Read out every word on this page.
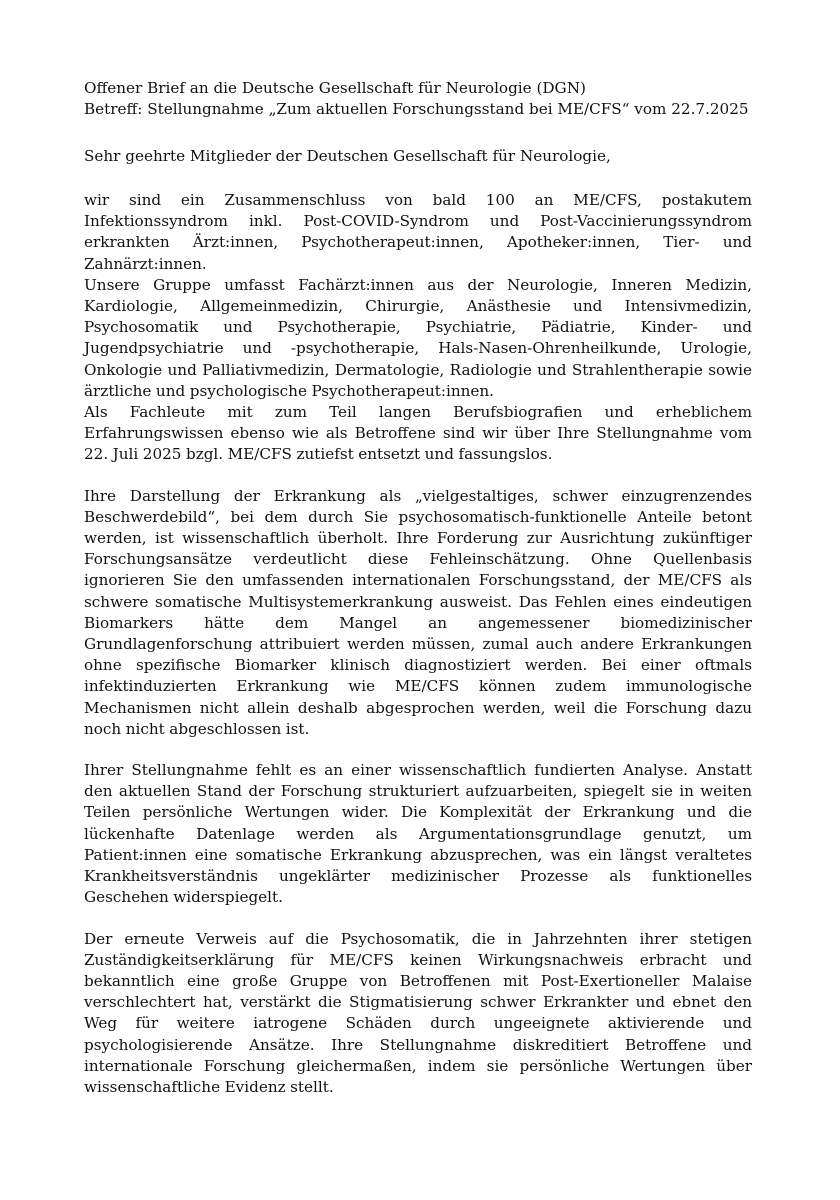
Offener Brief an die Deutsche Gesellschaft für Neurologie (DGN)
Betreff: Stellungnahme „Zum aktuellen Forschungsstand bei ME/CFS“ vom 22.7.2025
Sehr geehrte Mitglieder der Deutschen Gesellschaft für Neurologie,

wir sind ein Zusammenschluss von bald 100 an ME/CFS, postakutem Infektionssyndrom inkl. Post-COVID-Syndrom und Post-Vaccinierungssyndrom erkrankten Ärzt:innen, Psychotherapeut:innen, Apotheker:innen, Tier- und Zahnärzt:innen.

Unsere Gruppe umfasst Fachärzt:innen aus der Neurologie, Inneren Medizin, Kardiologie, Allgemeinmedizin, Chirurgie, Anästhesie und Intensivmedizin, Psychosomatik und Psychotherapie, Psychiatrie, Pädiatrie, Kinder- und Jugendpsychiatrie und -psychotherapie, Hals-Nasen-Ohrenheilkunde, Urologie, Onkologie und Palliativmedizin, Dermatologie, Radiologie und Strahlentherapie sowie ärztliche und psychologische Psychotherapeut:innen.

Als Fachleute mit zum Teil langen Berufsbiografien und erheblichem Erfahrungswissen ebenso wie als Betroffene sind wir über Ihre Stellungnahme vom 22. Juli 2025 bzgl. ME/CFS zutiefst entsetzt und fassungslos.

Ihre Darstellung der Erkrankung als „vielgestaltiges, schwer einzugrenzendes Beschwerdebild“, bei dem durch Sie psychosomatisch-funktionelle Anteile betont werden, ist wissenschaftlich überholt. Ihre Forderung zur Ausrichtung zukünftiger Forschungsansätze verdeutlicht diese Fehleinschätzung. Ohne Quellenbasis ignorieren Sie den umfassenden internationalen Forschungsstand, der ME/CFS als schwere somatische Multisystemerkrankung ausweist. Das Fehlen eines eindeutigen Biomarkers hätte dem Mangel an angemessener biomedizinischer Grundlagenforschung attribuiert werden müssen, zumal auch andere Erkrankungen ohne spezifische Biomarker klinisch diagnostiziert werden. Bei einer oftmals infektinduzierten Erkrankung wie ME/CFS können zudem immunologische Mechanismen nicht allein deshalb abgesprochen werden, weil die Forschung dazu noch nicht abgeschlossen ist.

Ihrer Stellungnahme fehlt es an einer wissenschaftlich fundierten Analyse. Anstatt den aktuellen Stand der Forschung strukturiert aufzuarbeiten, spiegelt sie in weiten Teilen persönliche Wertungen wider. Die Komplexität der Erkrankung und die lückenhafte Datenlage werden als Argumentationsgrundlage genutzt, um Patient:innen eine somatische Erkrankung abzusprechen, was ein längst veraltetes Krankheitsverständnis ungeklärter medizinischer Prozesse als funktionelles Geschehen widerspiegelt.

Der erneute Verweis auf die Psychosomatik, die in Jahrzehnten ihrer stetigen Zuständigkeitserklärung für ME/CFS keinen Wirkungsnachweis erbracht und bekanntlich eine große Gruppe von Betroffenen mit Post-Exertioneller Malaise verschlechtert hat, verstärkt die Stigmatisierung schwer Erkrankter und ebnet den Weg für weitere iatrogene Schäden durch ungeeignete aktivierende und psychologisierende Ansätze. Ihre Stellungnahme diskreditiert Betroffene und internationale Forschung gleichermaßen, indem sie persönliche Wertungen über wissenschaftliche Evidenz stellt.
